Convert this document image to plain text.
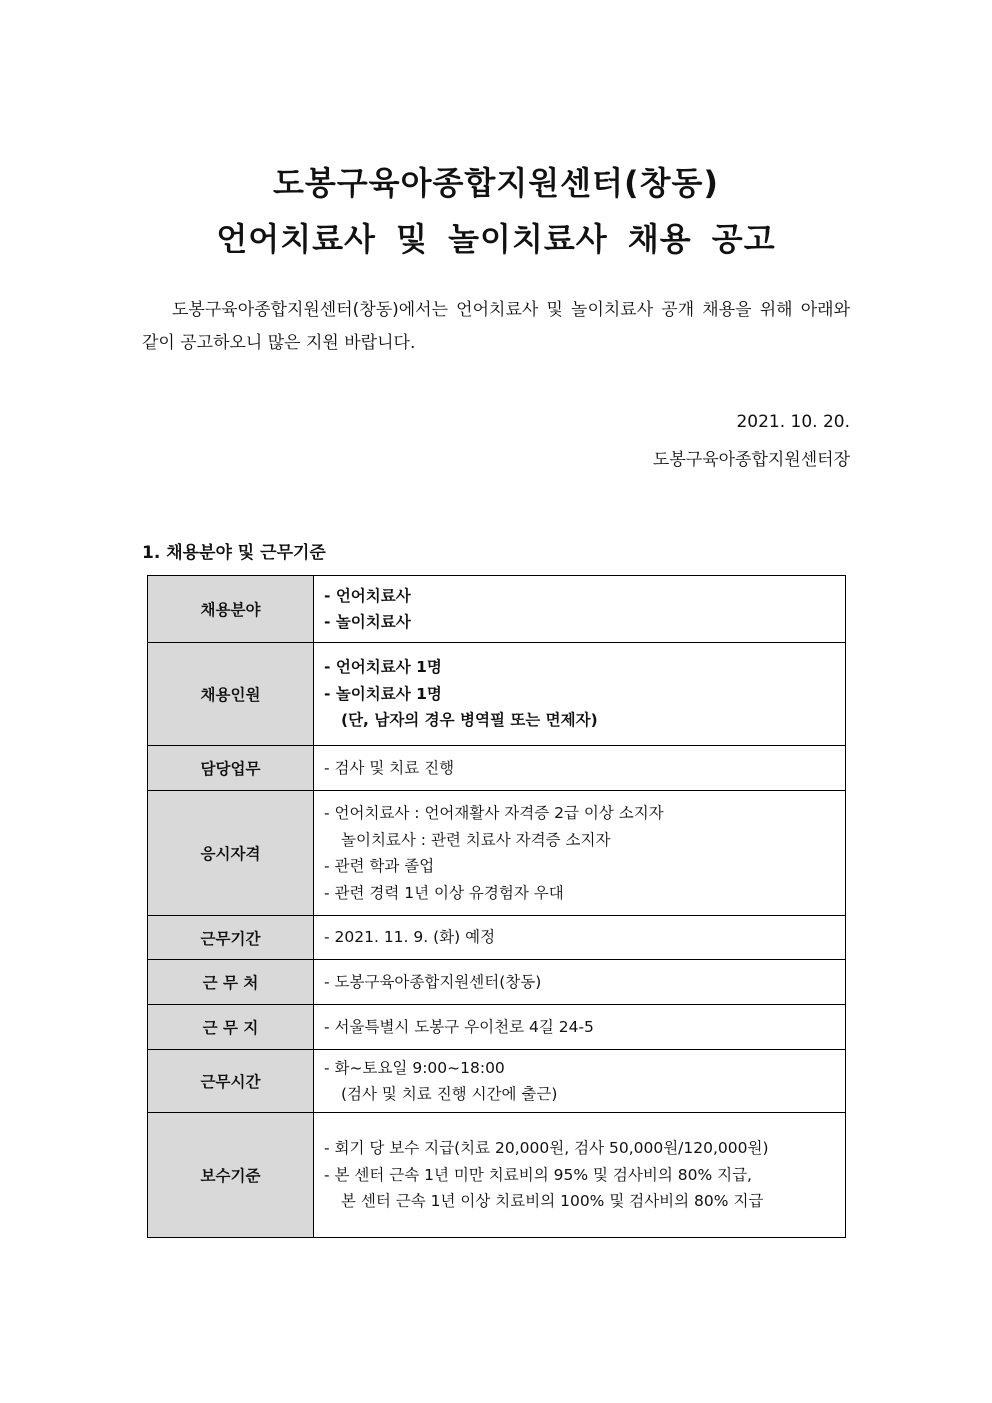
도봉구육아종합지원센터(창동)
언어치료사 및 놀이치료사 채용 공고
도봉구육아종합지원센터(창동)에서는 언어치료사 및 놀이치료사 공개 채용을 위해 아래와 같이 공고하오니 많은 지원 바랍니다.
2021. 10. 20.
도봉구육아종합지원센터장
1. 채용분야 및 근무기준
채용분야	- 언어치료사
- 놀이치료사

채용인원	- 언어치료사 1명
- 놀이치료사 1명
(단, 남자의 경우 병역필 또는 면제자)

담당업무	- 검사 및 치료 진행

응시자격	- 언어치료사 : 언어재활사 자격증 2급 이상 소지자
놀이치료사 : 관련 치료사 자격증 소지자
- 관련 학과 졸업
- 관련 경력 1년 이상 유경험자 우대

근무기간	- 2021. 11. 9. (화) 예정

근 무 처	- 도봉구육아종합지원센터(창동)

근 무 지	- 서울특별시 도봉구 우이천로 4길 24-5

근무시간	- 화~토요일 9:00~18:00
(검사 및 치료 진행 시간에 출근)

보수기준	- 회기 당 보수 지급(치료 20,000원, 검사 50,000원/120,000원)
- 본 센터 근속 1년 미만 치료비의 95% 및 검사비의 80% 지급,
본 센터 근속 1년 이상 치료비의 100% 및 검사비의 80% 지급
